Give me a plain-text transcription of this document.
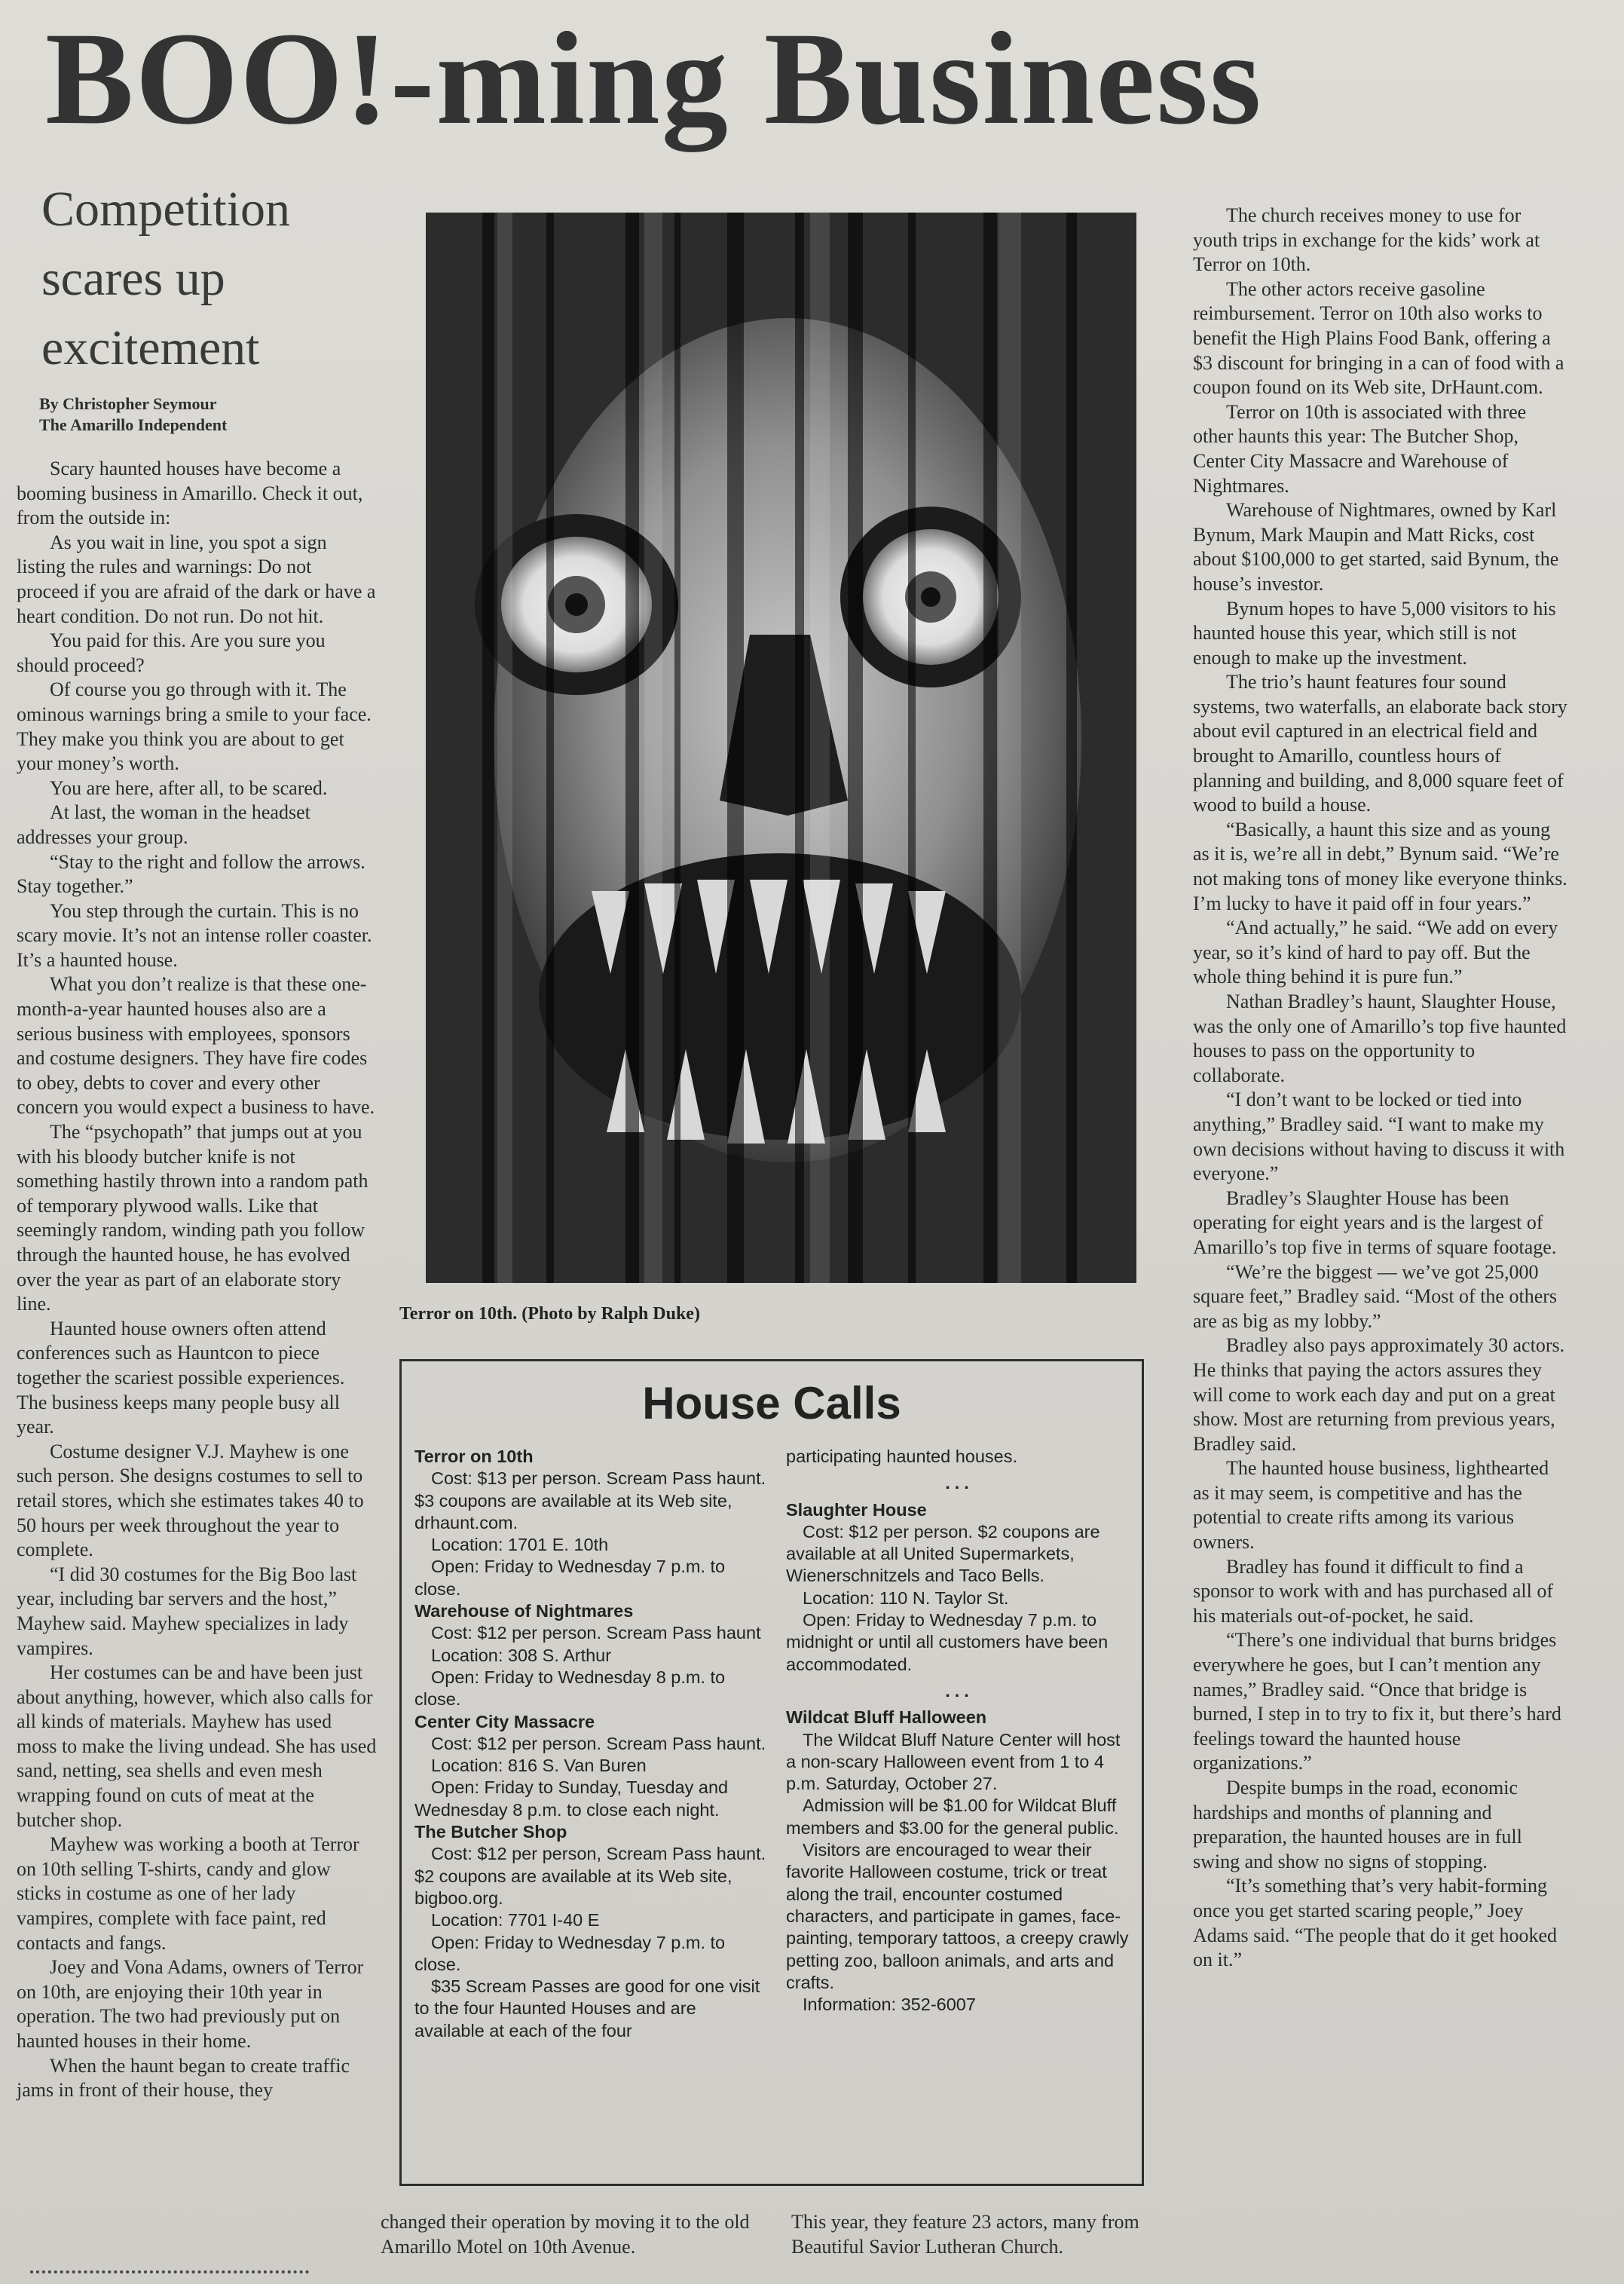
BOO!-ming Business
Competition
scares up
excitement
By Christopher Seymour
The Amarillo Independent

Scary haunted houses have become a booming business in Amarillo. Check it out, from the outside in:

As you wait in line, you spot a sign listing the rules and warnings: Do not proceed if you are afraid of the dark or have a heart condition. Do not run. Do not hit.

You paid for this. Are you sure you should proceed?

Of course you go through with it. The ominous warnings bring a smile to your face. They make you think you are about to get your money’s worth.

You are here, after all, to be scared.

At last, the woman in the headset addresses your group.

“Stay to the right and follow the arrows. Stay together.”

You step through the curtain. This is no scary movie. It’s not an intense roller coaster. It’s a haunted house.

What you don’t realize is that these one-month-a-year haunted houses also are a serious business with employees, sponsors and costume designers. They have fire codes to obey, debts to cover and every other concern you would expect a business to have.

The “psychopath” that jumps out at you with his bloody butcher knife is not something hastily thrown into a random path of temporary plywood walls. Like that seemingly random, winding path you follow through the haunted house, he has evolved over the year as part of an elaborate story line.

Haunted house owners often attend conferences such as Hauntcon to piece together the scariest possible experiences. The business keeps many people busy all year.

Costume designer V.J. Mayhew is one such person. She designs costumes to sell to retail stores, which she estimates takes 40 to 50 hours per week throughout the year to complete.

“I did 30 costumes for the Big Boo last year, including bar servers and the host,” Mayhew said. Mayhew specializes in lady vampires.

Her costumes can be and have been just about anything, however, which also calls for all kinds of materials. Mayhew has used moss to make the living undead. She has used sand, netting, sea shells and even mesh wrapping found on cuts of meat at the butcher shop.

Mayhew was working a booth at Terror on 10th selling T-shirts, candy and glow sticks in costume as one of her lady vampires, complete with face paint, red contacts and fangs.

Joey and Vona Adams, owners of Terror on 10th, are enjoying their 10th year in operation. The two had previously put on haunted houses in their home.

When the haunt began to create traffic jams in front of their house, they

Terror on 10th. (Photo by Ralph Duke)
House Calls
Terror on 10th
Cost: $13 per person. Scream Pass haunt. $3 coupons are available at its Web site, drhaunt.com.
Location: 1701 E. 10th
Open: Friday to Wednesday 7 p.m. to close.
Warehouse of Nightmares
Cost: $12 per person. Scream Pass haunt
Location: 308 S. Arthur
Open: Friday to Wednesday 8 p.m. to close.
Center City Massacre
Cost: $12 per person. Scream Pass haunt.
Location: 816 S. Van Buren
Open: Friday to Sunday, Tuesday and Wednesday 8 p.m. to close each night.
The Butcher Shop
Cost: $12 per person, Scream Pass haunt. $2 coupons are available at its Web site, bigboo.org.
Location: 7701 I-40 E
Open: Friday to Wednesday 7 p.m. to close.
$35 Scream Passes are good for one visit to the four Haunted Houses and are available at each of the four
participating haunted houses.
...
Slaughter House
Cost: $12 per person. $2 coupons are available at all United Supermarkets, Wienerschnitzels and Taco Bells.
Location: 110 N. Taylor St.
Open: Friday to Wednesday 7 p.m. to midnight or until all customers have been accommodated.
...
Wildcat Bluff Halloween
The Wildcat Bluff Nature Center will host a non-scary Halloween event from 1 to 4 p.m. Saturday, October 27.
Admission will be $1.00 for Wildcat Bluff members and $3.00 for the general public.
Visitors are encouraged to wear their favorite Halloween costume, trick or treat along the trail, encounter costumed characters, and participate in games, face-painting, temporary tattoos, a creepy crawly petting zoo, balloon animals, and arts and crafts.
Information: 352-6007

changed their operation by moving it to the old Amarillo Motel on 10th Avenue.

This year, they feature 23 actors, many from Beautiful Savior Lutheran Church.

The church receives money to use for youth trips in exchange for the kids’ work at Terror on 10th.

The other actors receive gasoline reimbursement. Terror on 10th also works to benefit the High Plains Food Bank, offering a $3 discount for bringing in a can of food with a coupon found on its Web site, DrHaunt.com.

Terror on 10th is associated with three other haunts this year: The Butcher Shop, Center City Massacre and Warehouse of Nightmares.

Warehouse of Nightmares, owned by Karl Bynum, Mark Maupin and Matt Ricks, cost about $100,000 to get started, said Bynum, the house’s investor.

Bynum hopes to have 5,000 visitors to his haunted house this year, which still is not enough to make up the investment.

The trio’s haunt features four sound systems, two waterfalls, an elaborate back story about evil captured in an electrical field and brought to Amarillo, countless hours of planning and building, and 8,000 square feet of wood to build a house.

“Basically, a haunt this size and as young as it is, we’re all in debt,” Bynum said. “We’re not making tons of money like everyone thinks. I’m lucky to have it paid off in four years.”

“And actually,” he said. “We add on every year, so it’s kind of hard to pay off. But the whole thing behind it is pure fun.”

Nathan Bradley’s haunt, Slaughter House, was the only one of Amarillo’s top five haunted houses to pass on the opportunity to collaborate.

“I don’t want to be locked or tied into anything,” Bradley said. “I want to make my own decisions without having to discuss it with everyone.”

Bradley’s Slaughter House has been operating for eight years and is the largest of Amarillo’s top five in terms of square footage.

“We’re the biggest — we’ve got 25,000 square feet,” Bradley said. “Most of the others are as big as my lobby.”

Bradley also pays approximately 30 actors. He thinks that paying the actors assures they will come to work each day and put on a great show. Most are returning from previous years, Bradley said.

The haunted house business, lighthearted as it may seem, is competitive and has the potential to create rifts among its various owners.

Bradley has found it difficult to find a sponsor to work with and has purchased all of his materials out-of-pocket, he said.

“There’s one individual that burns bridges everywhere he goes, but I can’t mention any names,” Bradley said. “Once that bridge is burned, I step in to try to fix it, but there’s hard feelings toward the haunted house organizations.”

Despite bumps in the road, economic hardships and months of planning and preparation, the haunted houses are in full swing and show no signs of stopping.

“It’s something that’s very habit-forming once you get started scaring people,” Joey Adams said. “The people that do it get hooked on it.”
